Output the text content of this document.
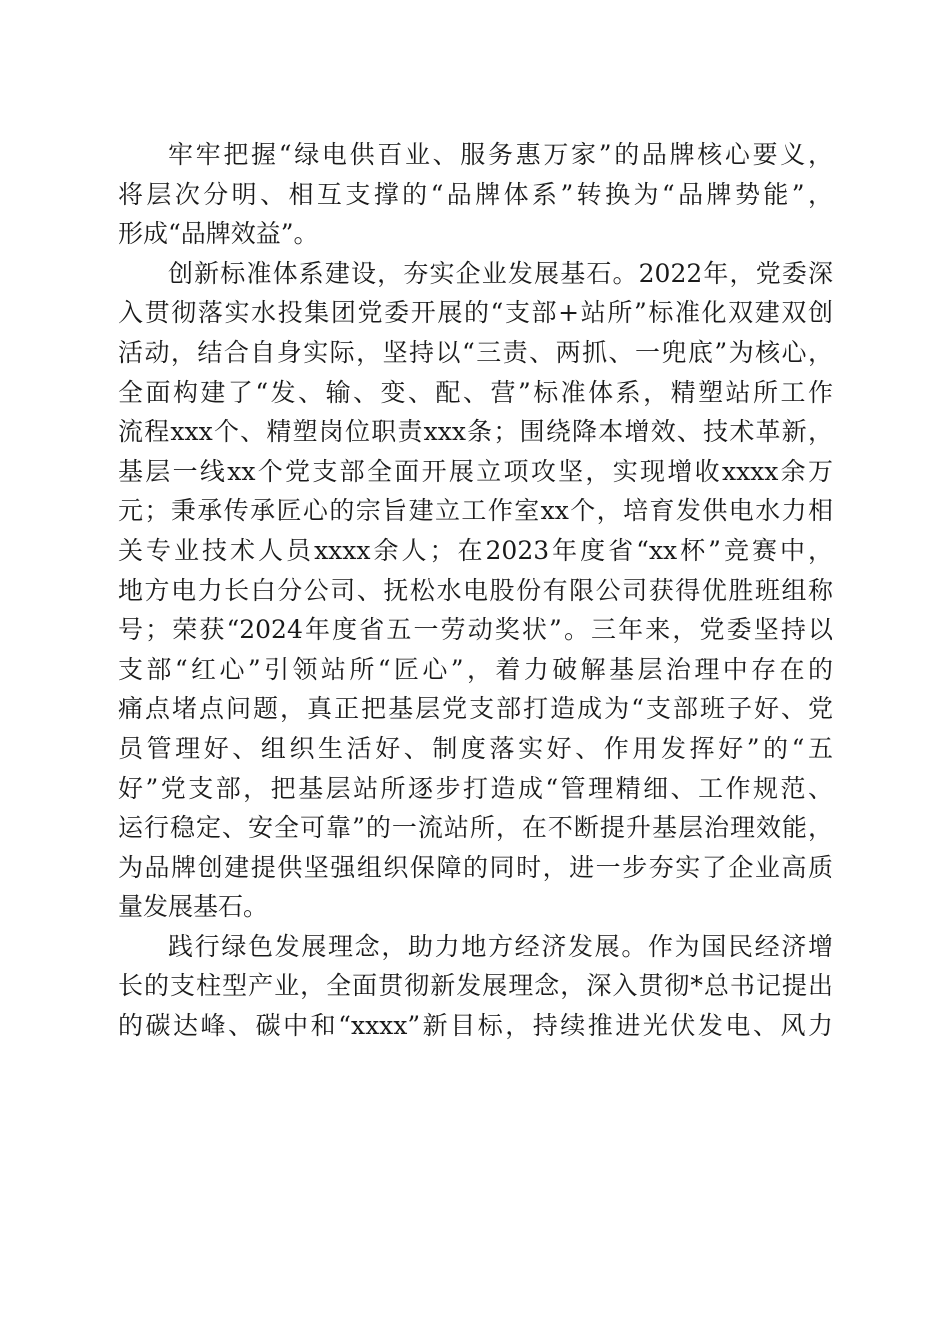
牢牢把握“绿电供百业、服务惠万家”的品牌核心要义，
将层次分明、相互支撑的“品牌体系”转换为“品牌势能”，
形成“品牌效益”。
创新标准体系建设，夯实企业发展基石。2022年，党委深
入贯彻落实水投集团党委开展的“支部+站所”标准化双建双创
活动，结合自身实际，坚持以“三责、两抓、一兜底”为核心，
全面构建了“发、输、变、配、营”标准体系，精塑站所工作
流程xxx个、精塑岗位职责xxx条；围绕降本增效、技术革新，
基层一线xx个党支部全面开展立项攻坚，实现增收xxxx余万
元；秉承传承匠心的宗旨建立工作室xx个，培育发供电水力相
关专业技术人员xxxx余人；在2023年度省“xx杯”竞赛中，
地方电力长白分公司、抚松水电股份有限公司获得优胜班组称
号；荣获“2024年度省五一劳动奖状”。三年来，党委坚持以
支部“红心”引领站所“匠心”，着力破解基层治理中存在的
痛点堵点问题，真正把基层党支部打造成为“支部班子好、党
员管理好、组织生活好、制度落实好、作用发挥好”的“五
好”党支部，把基层站所逐步打造成“管理精细、工作规范、
运行稳定、安全可靠”的一流站所，在不断提升基层治理效能，
为品牌创建提供坚强组织保障的同时，进一步夯实了企业高质
量发展基石。
践行绿色发展理念，助力地方经济发展。作为国民经济增
长的支柱型产业，全面贯彻新发展理念，深入贯彻*总书记提出
的碳达峰、碳中和“xxxx”新目标，持续推进光伏发电、风力
